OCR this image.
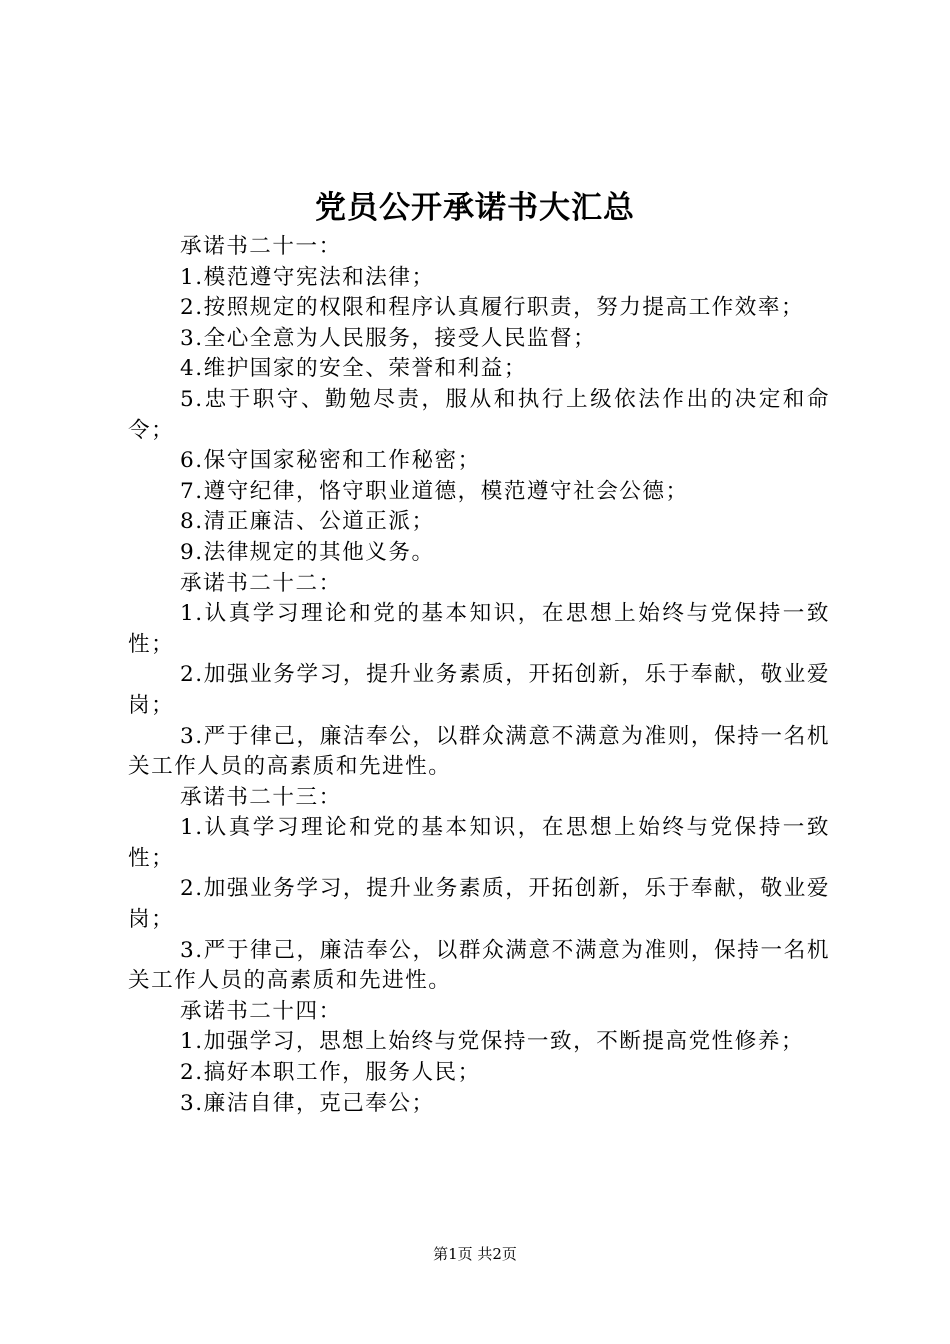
党员公开承诺书大汇总

承诺书二十一：

1.模范遵守宪法和法律；

2.按照规定的权限和程序认真履行职责，努力提高工作效率；

3.全心全意为人民服务，接受人民监督；

4.维护国家的安全、荣誉和利益；

5.忠于职守、勤勉尽责，服从和执行上级依法作出的决定和命令；

6.保守国家秘密和工作秘密；

7.遵守纪律，恪守职业道德，模范遵守社会公德；

8.清正廉洁、公道正派；

9.法律规定的其他义务。

承诺书二十二：

1.认真学习理论和党的基本知识，在思想上始终与党保持一致性；

2.加强业务学习，提升业务素质，开拓创新，乐于奉献，敬业爱岗；

3.严于律己，廉洁奉公，以群众满意不满意为准则，保持一名机关工作人员的高素质和先进性。

承诺书二十三：

1.认真学习理论和党的基本知识，在思想上始终与党保持一致性；

2.加强业务学习，提升业务素质，开拓创新，乐于奉献，敬业爱岗；

3.严于律己，廉洁奉公，以群众满意不满意为准则，保持一名机关工作人员的高素质和先进性。

承诺书二十四：

1.加强学习，思想上始终与党保持一致，不断提高党性修养；

2.搞好本职工作，服务人民；

3.廉洁自律，克己奉公；

第1页 共2页
